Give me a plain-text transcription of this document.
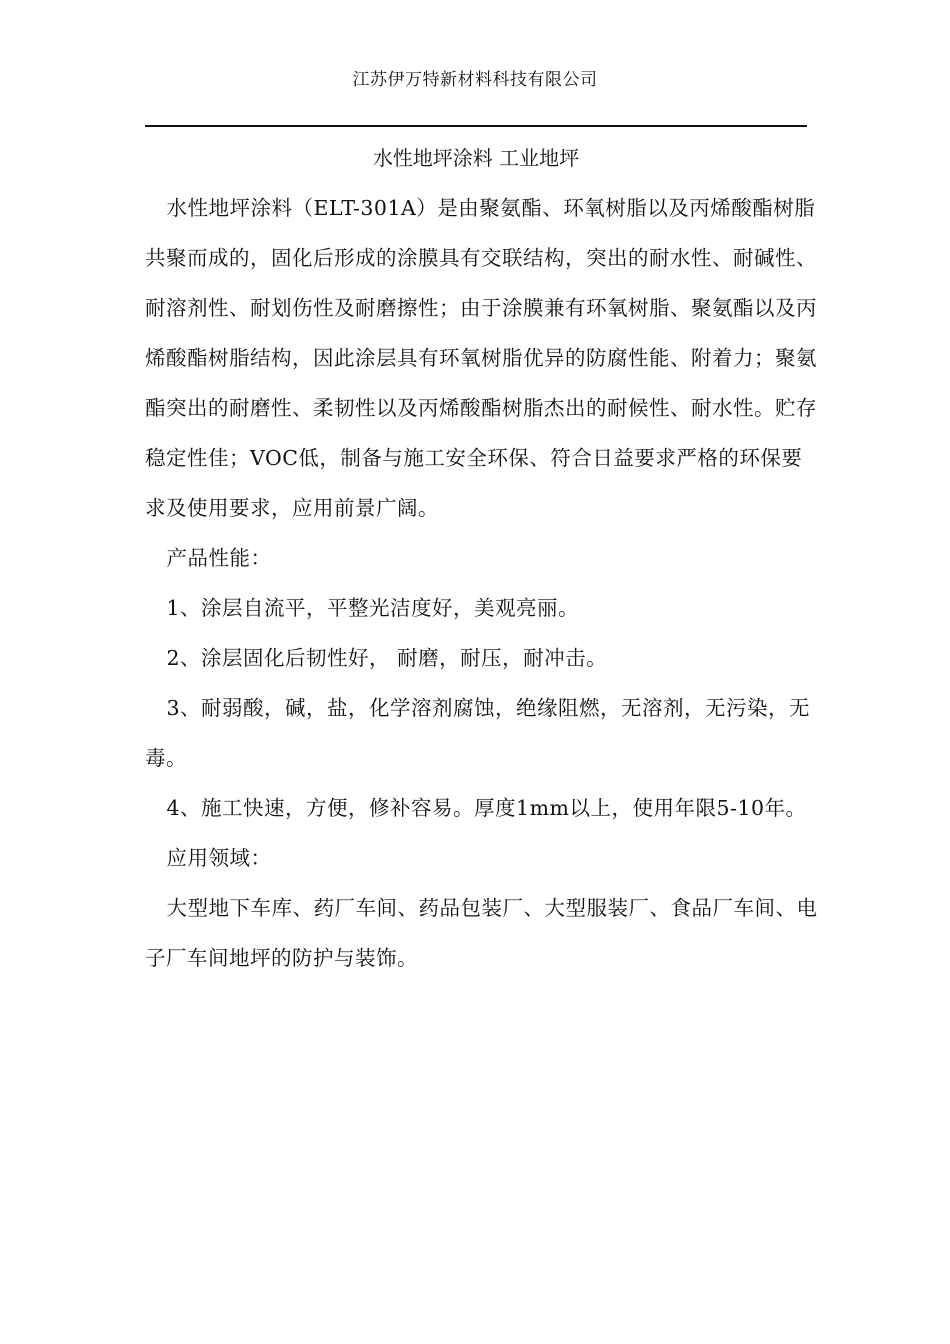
江苏伊万特新材料科技有限公司
水性地坪涂料 工业地坪

水性地坪涂料（ELT-301A）是由聚氨酯、环氧树脂以及丙烯酸酯树脂共聚而成的，固化后形成的涂膜具有交联结构，突出的耐水性、耐碱性、耐溶剂性、耐划伤性及耐磨擦性；由于涂膜兼有环氧树脂、聚氨酯以及丙烯酸酯树脂结构，因此涂层具有环氧树脂优异的防腐性能、附着力；聚氨酯突出的耐磨性、柔韧性以及丙烯酸酯树脂杰出的耐候性、耐水性。贮存稳定性佳；VOC低，制备与施工安全环保、符合日益要求严格的环保要求及使用要求，应用前景广阔。

产品性能：

1、涂层自流平，平整光洁度好，美观亮丽。

2、涂层固化后韧性好， 耐磨，耐压，耐冲击。

3、耐弱酸，碱，盐，化学溶剂腐蚀，绝缘阻燃，无溶剂，无污染，无毒。

4、施工快速，方便，修补容易。厚度1mm以上，使用年限5-10年。

应用领域：

大型地下车库、药厂车间、药品包装厂、大型服装厂、食品厂车间、电子厂车间地坪的防护与装饰。
